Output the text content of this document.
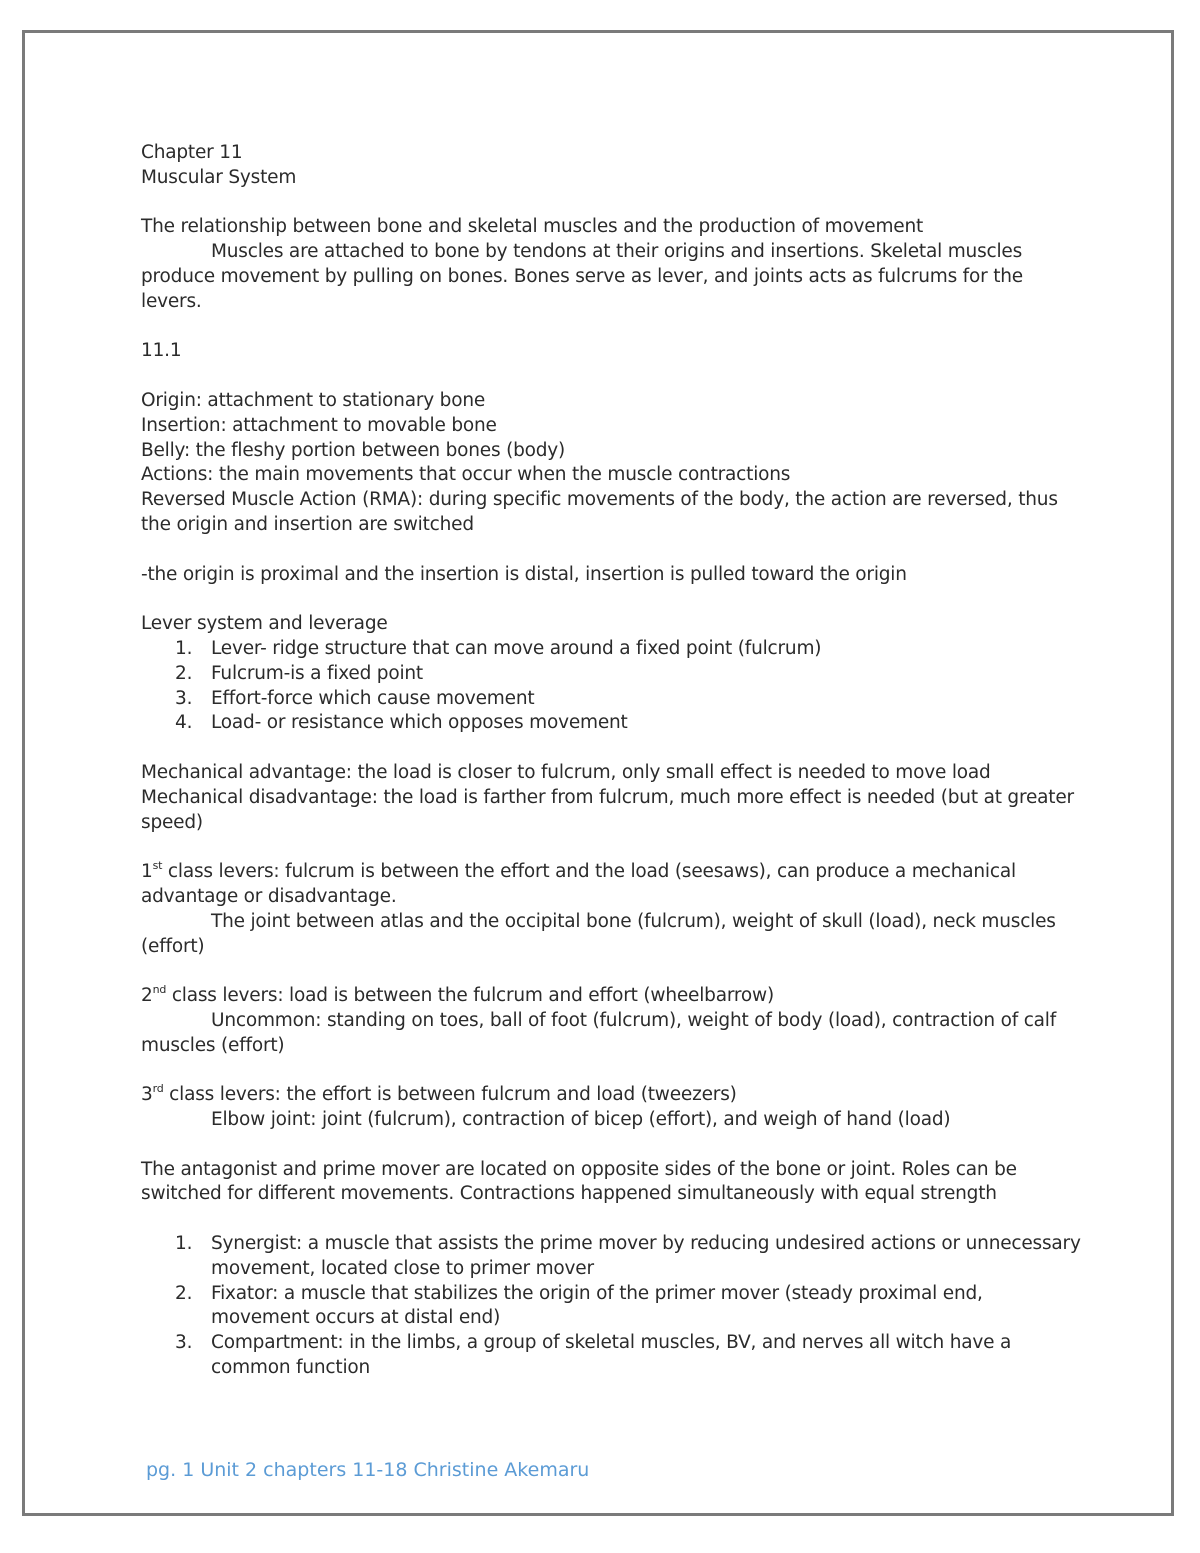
Chapter 11

Muscular System

The relationship between bone and skeletal muscles and the production of movement

Muscles are attached to bone by tendons at their origins and insertions. Skeletal muscles produce movement by pulling on bones. Bones serve as lever, and joints acts as fulcrums for the levers.

11.1

Origin: attachment to stationary bone

Insertion: attachment to movable bone

Belly: the fleshy portion between bones (body)

Actions: the main movements that occur when the muscle contractions

Reversed Muscle Action (RMA): during specific movements of the body, the action are reversed, thus the origin and insertion are switched

-the origin is proximal and the insertion is distal, insertion is pulled toward the origin

Lever system and leverage

1.	Lever- ridge structure that can move around a fixed point (fulcrum)
2.	Fulcrum-is a fixed point
3.	Effort-force which cause movement
4.	Load- or resistance which opposes movement

Mechanical advantage: the load is closer to fulcrum, only small effect is needed to move load

Mechanical disadvantage: the load is farther from fulcrum, much more effect is needed (but at greater speed)

1st class levers: fulcrum is between the effort and the load (seesaws), can produce a mechanical advantage or disadvantage.

The joint between atlas and the occipital bone (fulcrum), weight of skull (load), neck muscles (effort)

2nd class levers: load is between the fulcrum and effort (wheelbarrow)

Uncommon: standing on toes, ball of foot (fulcrum), weight of body (load), contraction of calf muscles (effort)

3rd class levers: the effort is between fulcrum and load (tweezers)

Elbow joint: joint (fulcrum), contraction of bicep (effort), and weigh of hand (load)

The antagonist and prime mover are located on opposite sides of the bone or joint. Roles can be switched for different movements. Contractions happened simultaneously with equal strength

1.	Synergist: a muscle that assists the prime mover by reducing undesired actions or unnecessary movement, located close to primer mover
2.	Fixator: a muscle that stabilizes the origin of the primer mover (steady proximal end, movement occurs at distal end)
3.	Compartment: in the limbs, a group of skeletal muscles, BV, and nerves all witch have a common function
pg. 1 Unit 2 chapters 11-18 Christine Akemaru
